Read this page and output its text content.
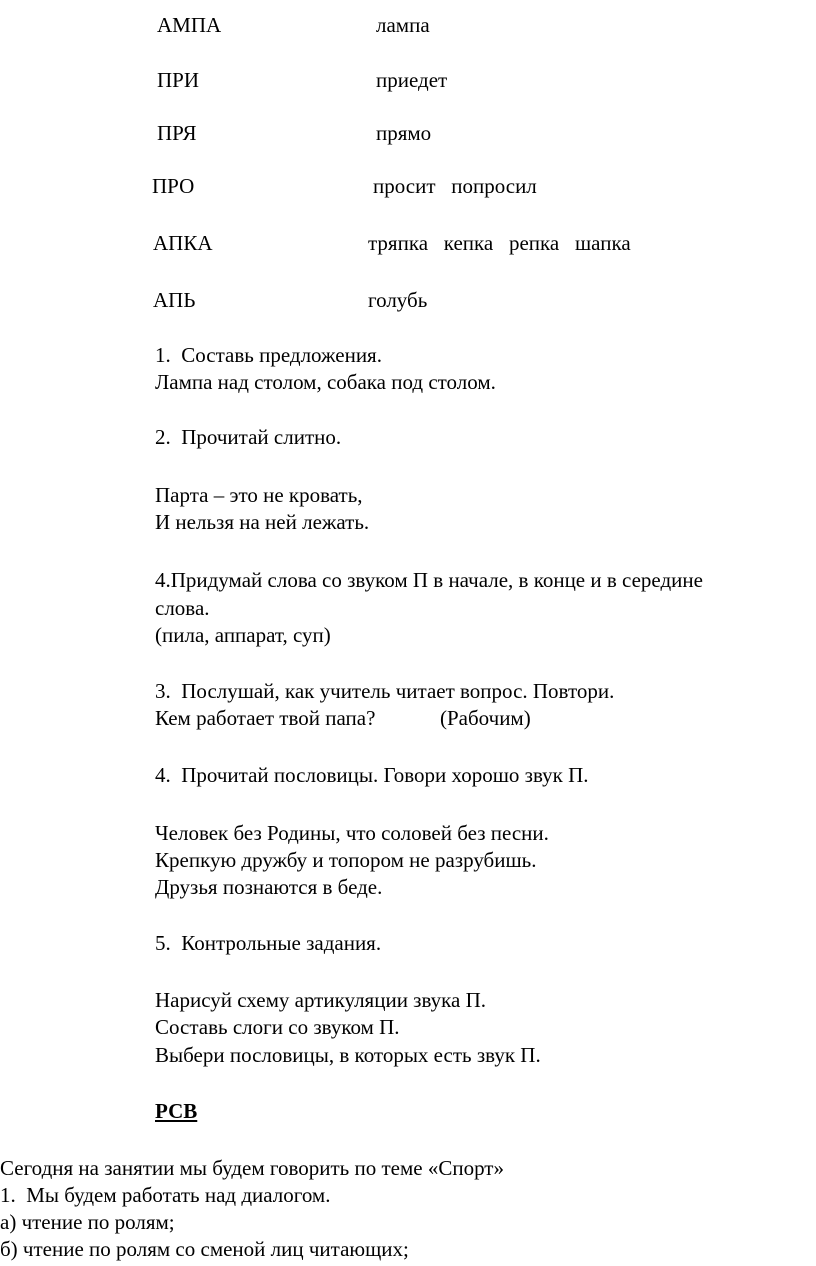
АМПА	лампа
ПРИ	приедет
ПРЯ	прямо
ПРО	просит   попросил
АПКА	тряпка   кепка   репка   шапка
АПЬ	голубь
1.  Составь предложения.
Лампа над столом, собака под столом.
2.  Прочитай слитно.
Парта – это не кровать,
И нельзя на ней лежать.
4.Придумай слова со звуком П в начале, в конце и в середине
слова.
(пила, аппарат, суп)
3.  Послушай, как учитель читает вопрос. Повтори.
Кем работает твой папа?	(Рабочим)
4.  Прочитай пословицы. Говори хорошо звук П.
Человек без Родины, что соловей без песни.
Крепкую дружбу и топором не разрубишь.
Друзья познаются в беде.
5.  Контрольные задания.
Нарисуй схему артикуляции звука П.
Составь слоги со звуком П.
Выбери пословицы, в которых есть звук П.
РСВ
Сегодня на занятии мы будем говорить по теме «Спорт»
1.  Мы будем работать над диалогом.
а) чтение по ролям;
б) чтение по ролям со сменой лиц читающих;
